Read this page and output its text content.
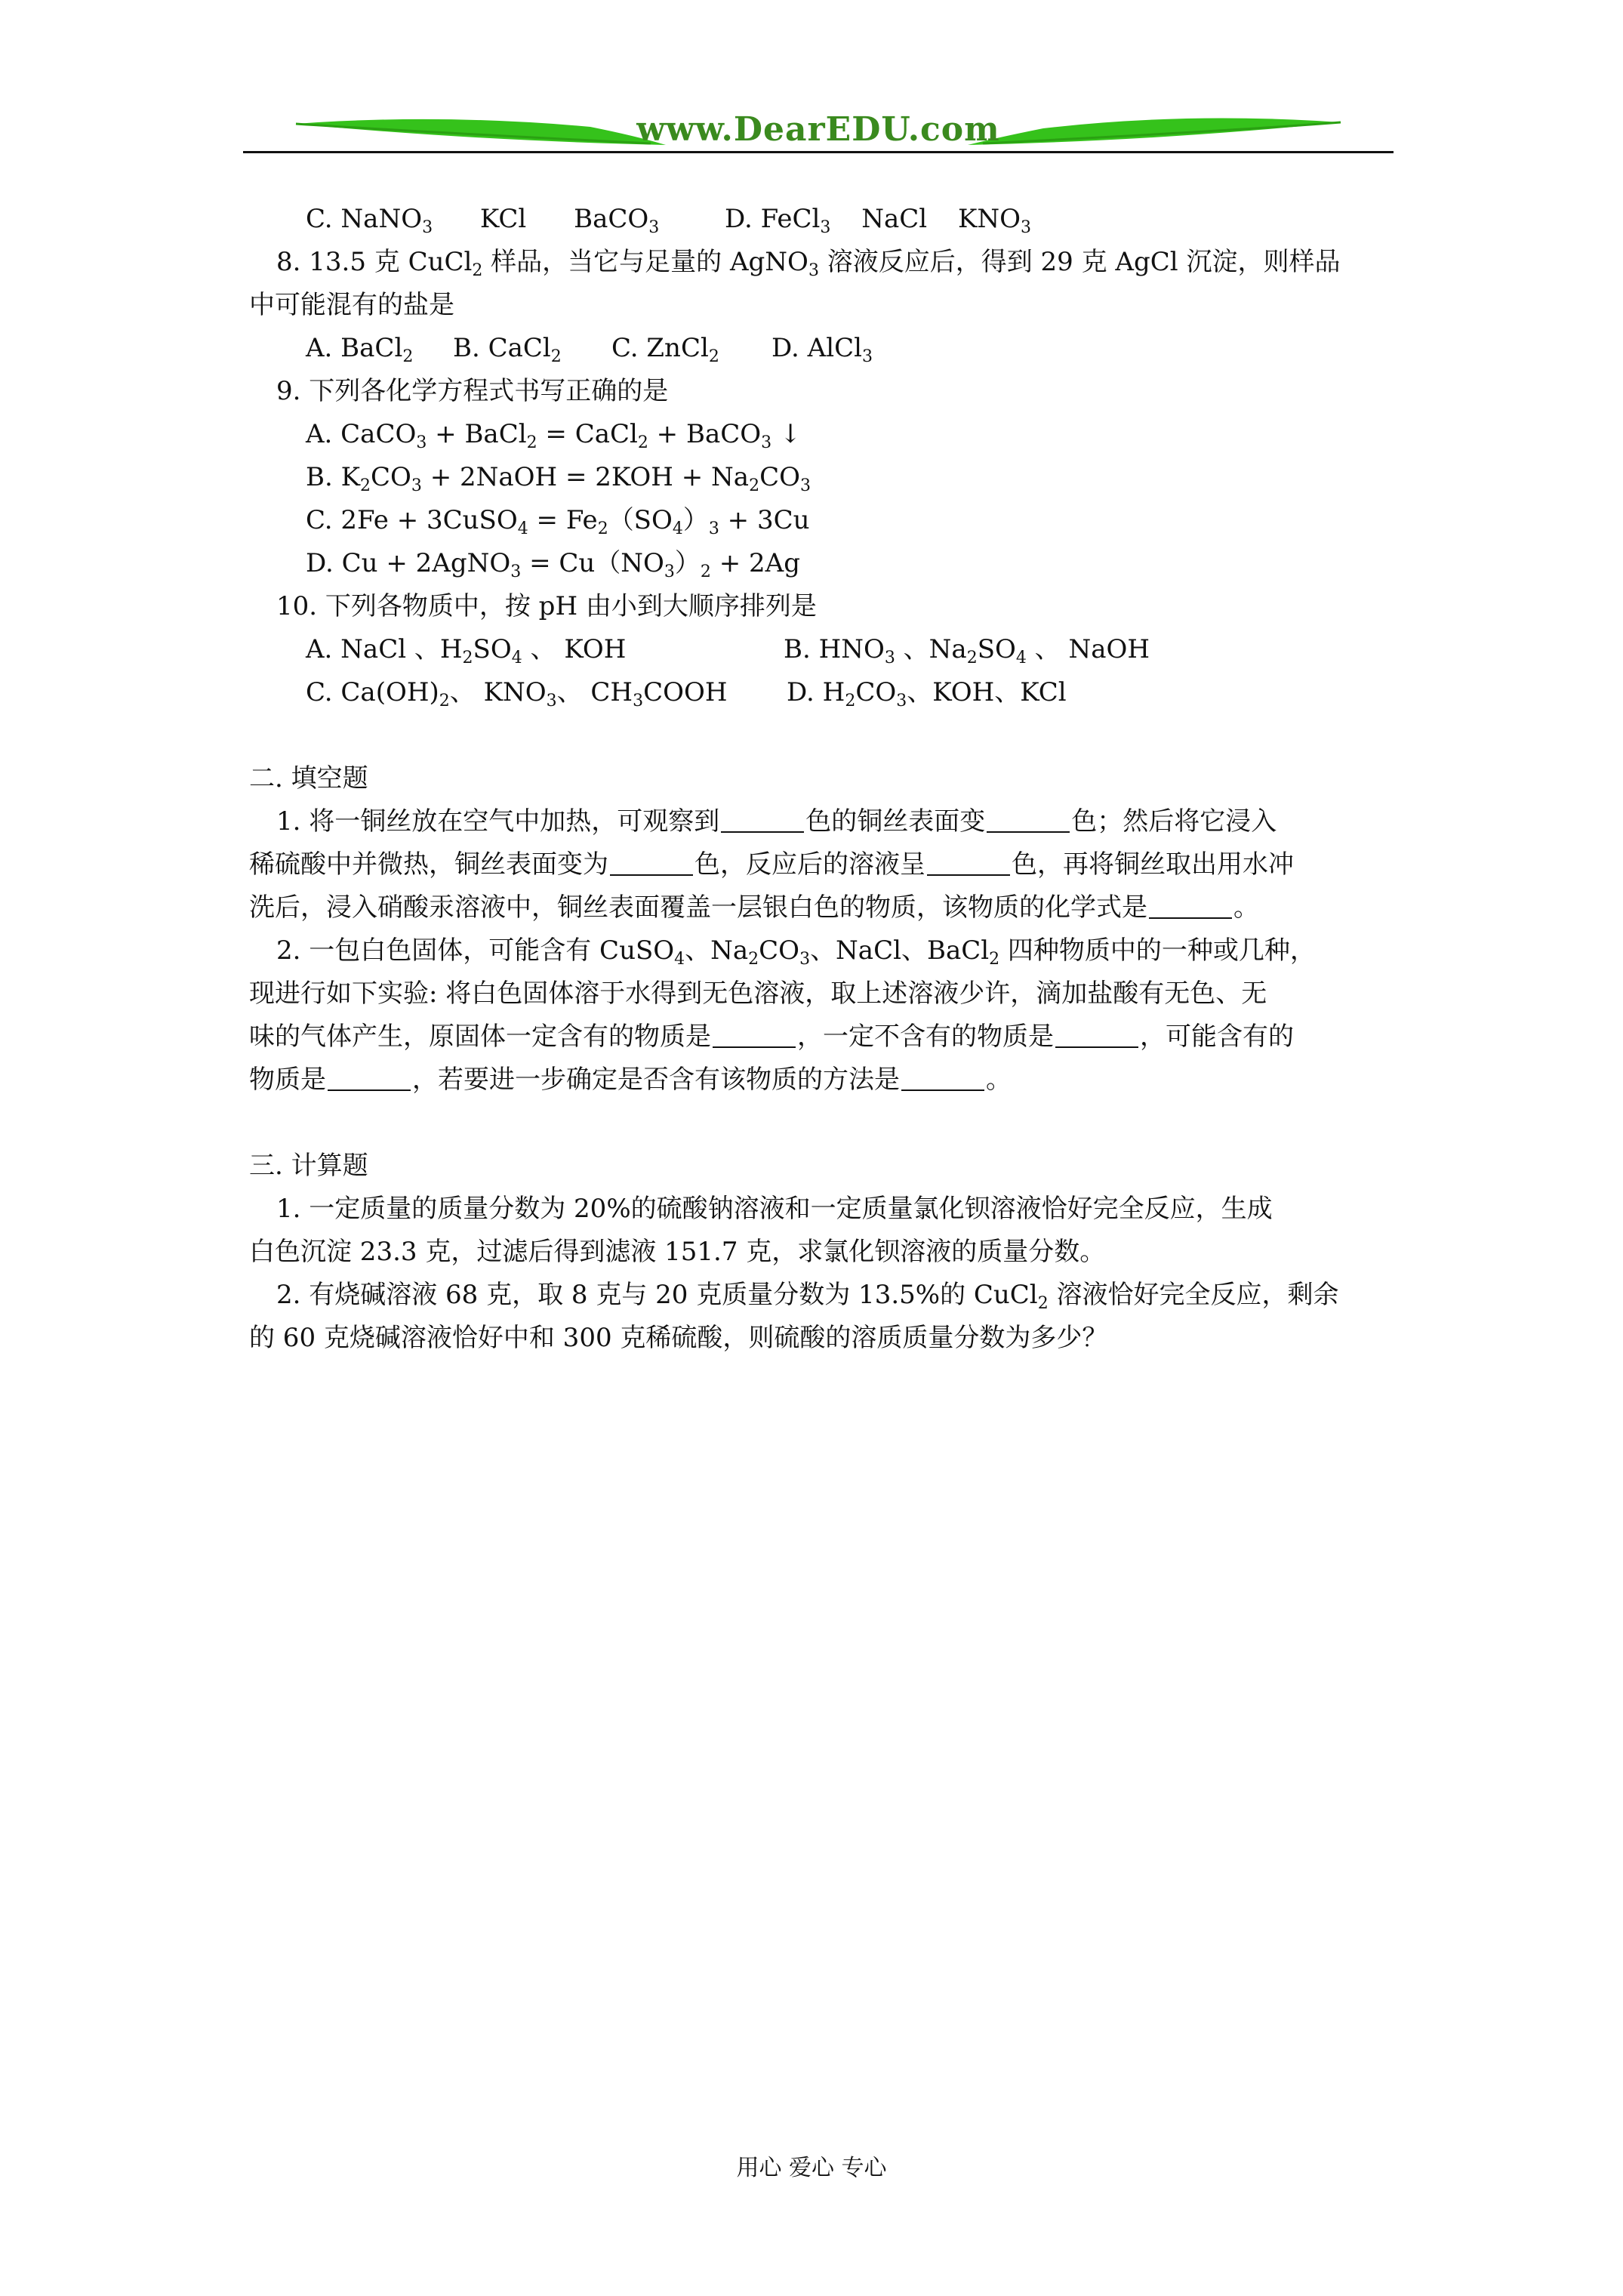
www.DearEDU.com
C. NaNO$_3$ KCl BaCO$_3$	D. FeCl$_3$ NaCl $KNO_3$
8. 13.5 克 CuCl$_2$ 样品，当它与足量的 AgNO$_3$ 溶液反应后，得到 29 克 AgCl 沉淀，则样品
中可能混有的盐是
A. BaCl$_2$ B. CaCl$_2$ C. ZnCl$_2$ D. AlCl$_3$
9. 下列各化学方程式书写正确的是
A. CaCO$_3$ + BaCl$_2$ = CaCl$_2$ + BaCO$_3$ ↓
B. $K_2CO_3$ + 2NaOH = $2KOH + Na_2CO_3$
C. 2Fe + 3CuSO$_4$ = $Fe_2(SO_4)_3 + 3Cu$
D. Cu + 2AgNO$_3$ = $Cu(NO_3)_2 + 2Ag$
10. 下列各物质中，按 pH 由小到大顺序排列是
A. NaCl 、$H_2SO_4$ 、 KOH	B. $HNO_3$ 、$Na_2SO_4$ 、 NaOH
C. $Ca(OH)_2$、 $KNO_3$、 $CH_3COOH$ D. $H_2CO_3$、KOH、KCl
二. 填空题
1. 将一铜丝放在空气中加热，可观察到	色的铜丝表面变	色；然后将它浸入
稀硫酸中并微热，铜丝表面变为	色，反应后的溶液呈	色，再将铜丝取出用水冲
洗后，浸入硝酸汞溶液中，铜丝表面覆盖一层银白色的物质，该物质的化学式是	。
2. 一包白色固体，可能含有 CuSO$_4$、$Na_2CO_3$、NaCl、BaCl$_2$ 四种物质中的一种或几种，
现进行如下实验: 将白色固体溶于水得到无色溶液，取上述溶液少许，滴加盐酸有无色、无
味的气体产生，原固体一定含有的物质是	，一定不含有的物质是	，可能含有的
物质是	，若要进一步确定是否含有该物质的方法是	。
三. 计算题
1. 一定质量的质量分数为 20%的硫酸钠溶液和一定质量氯化钡溶液恰好完全反应，生成
白色沉淀 23.3 克，过滤后得到滤液 151.7 克，求氯化钡溶液的质量分数。
2. 有烧碱溶液 68 克，取 8 克与 20 克质量分数为 13.5%的 CuCl$_2$ 溶液恰好完全反应，剩余
的 60 克烧碱溶液恰好中和 300 克稀硫酸，则硫酸的溶质质量分数为多少？
用心 爱心 专心
